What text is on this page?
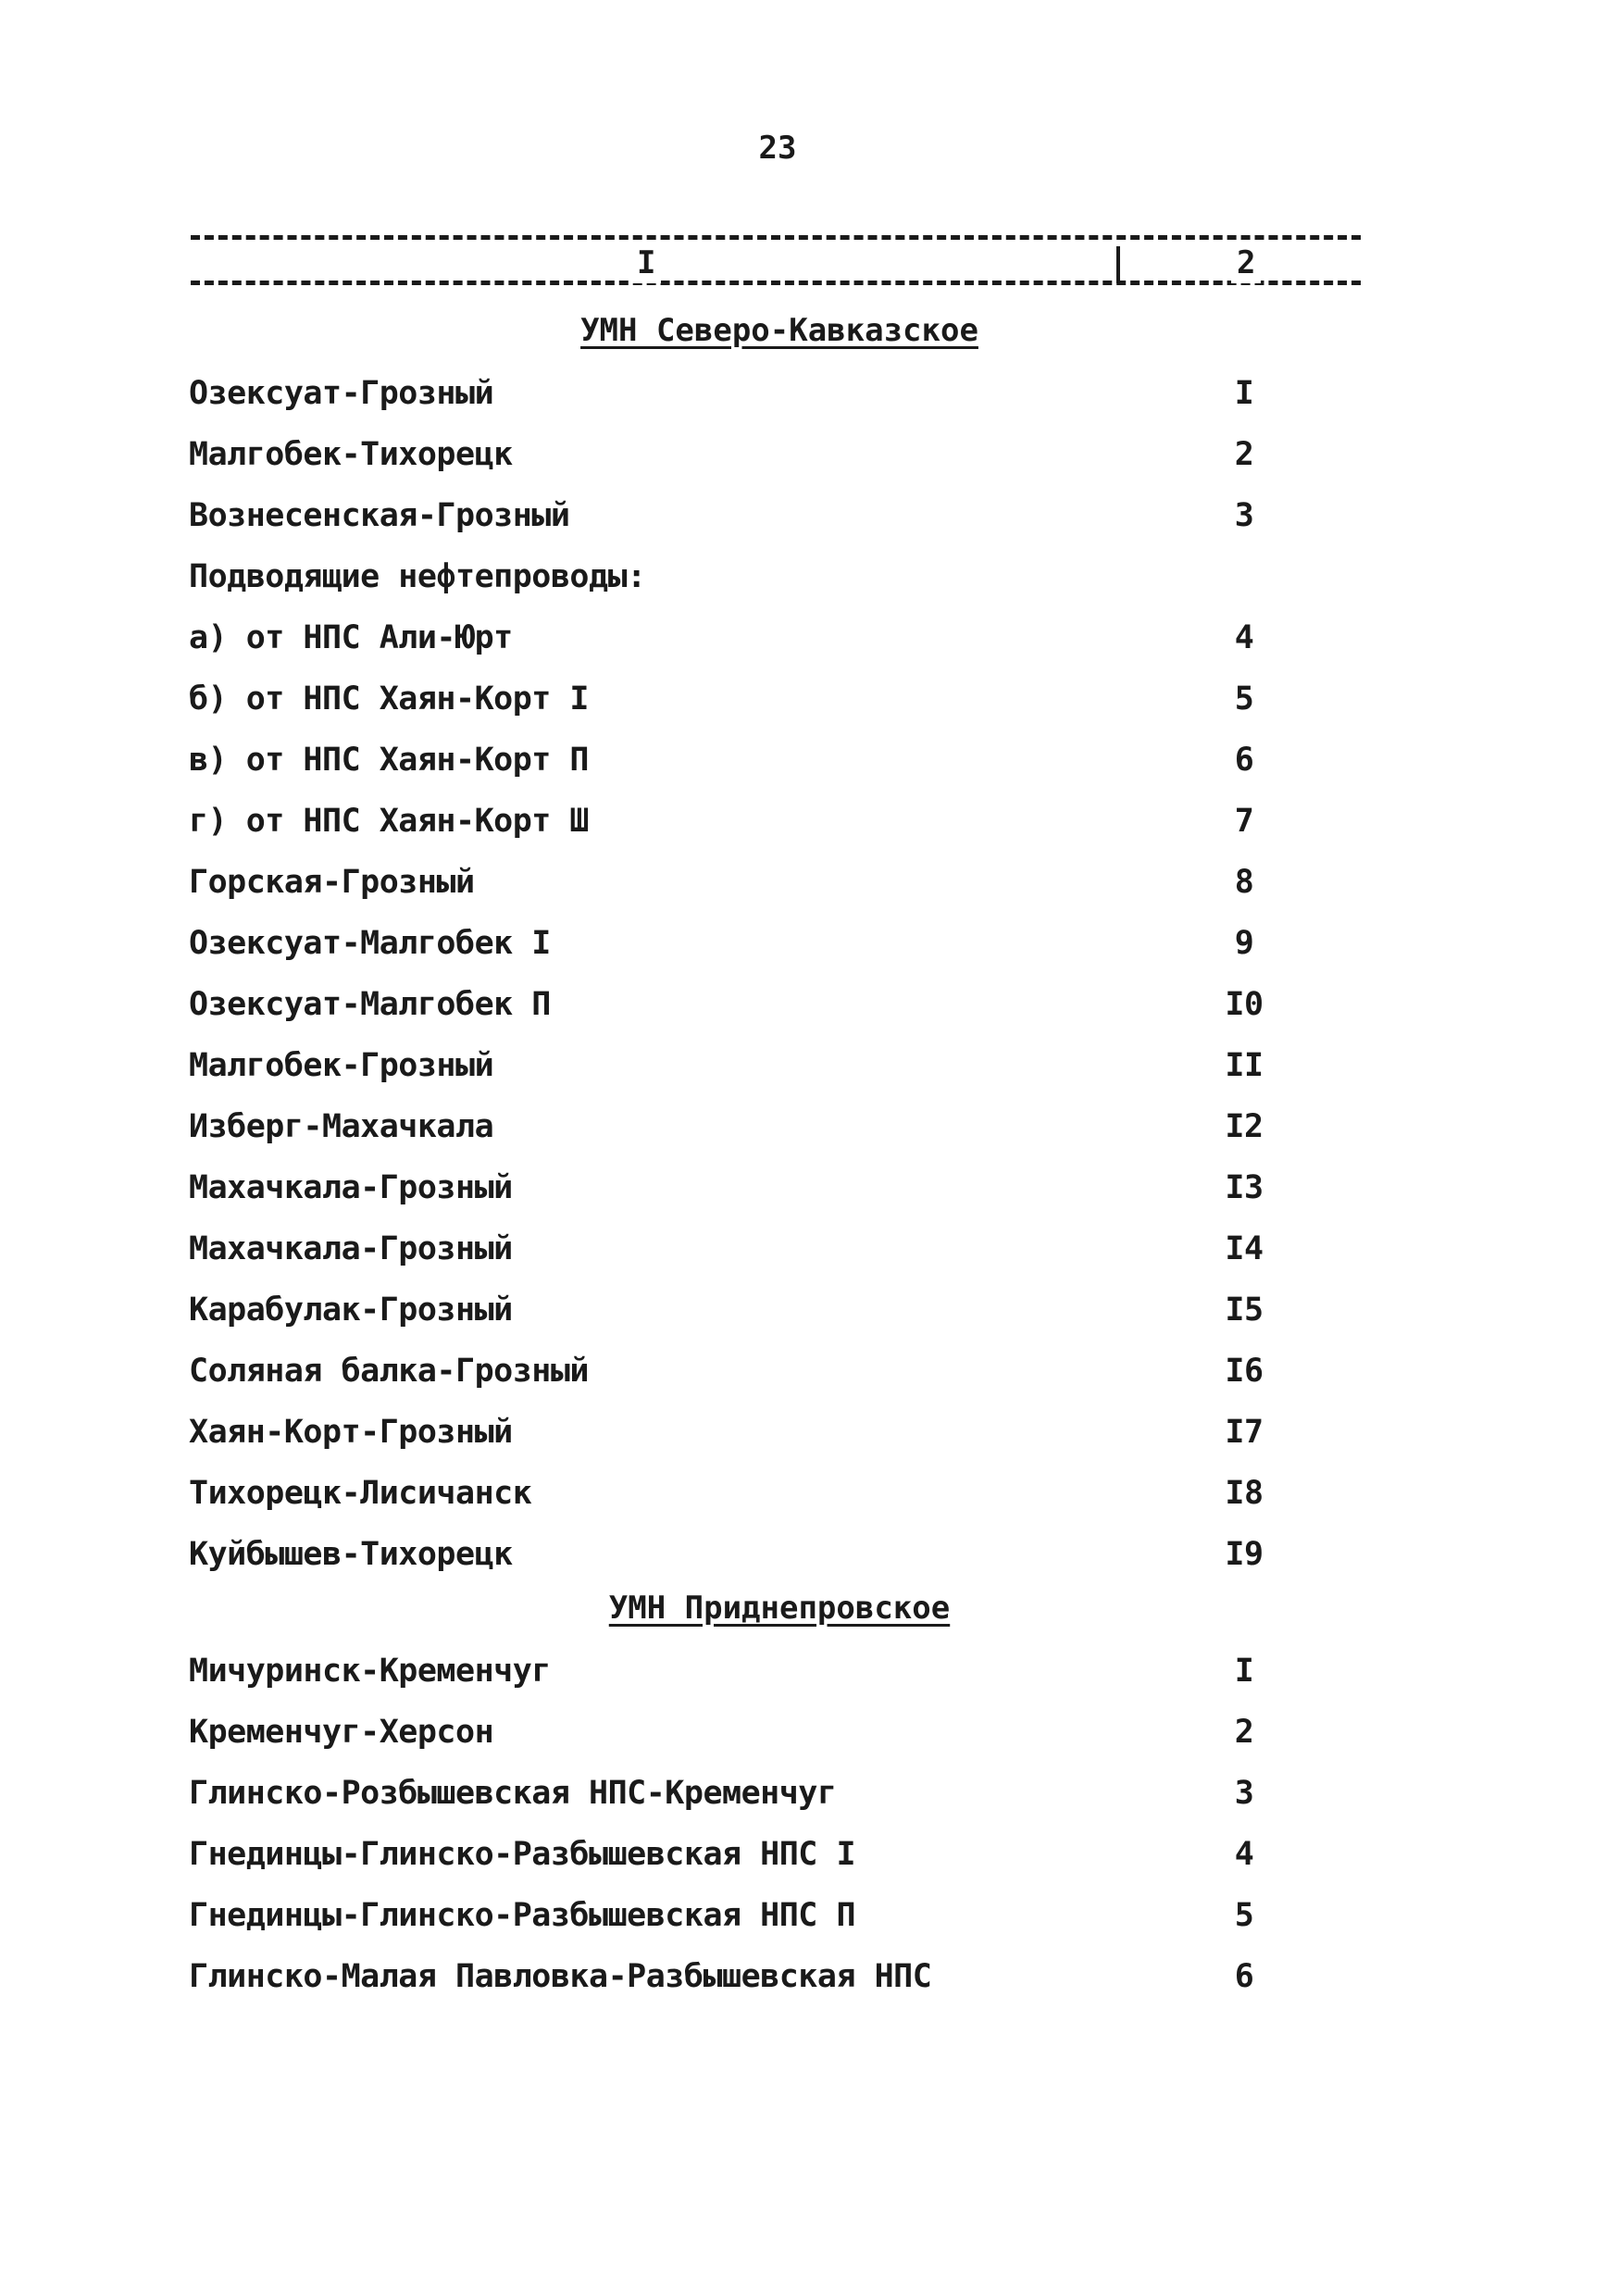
23
I	2
УМН Северо-Кавказское
Озексуат-Грозный	I
Малгобек-Тихорецк	2
Вознесенская-Грозный	3
Подводящие нефтепроводы:
а) от НПС Али-Юрт	4
б) от НПС Хаян-Корт I	5
в) от НПС Хаян-Корт П	6
г) от НПС Хаян-Корт Ш	7
Горская-Грозный	8
Озексуат-Малгобек I	9
Озексуат-Малгобек П	I0
Малгобек-Грозный	II
Изберг-Махачкала	I2
Махачкала-Грозный	I3
Махачкала-Грозный	I4
Карабулак-Грозный	I5
Соляная балка-Грозный	I6
Хаян-Корт-Грозный	I7
Тихорецк-Лисичанск	I8
Куйбышев-Тихорецк	I9
УМН Приднепровское
Мичуринск-Кременчуг	I
Кременчуг-Херсон	2
Глинско-Розбышевская НПС-Кременчуг	3
Гнединцы-Глинско-Разбышевская НПС I	4
Гнединцы-Глинско-Разбышевская НПС П	5
Глинско-Малая Павловка-Разбышевская НПС	6
